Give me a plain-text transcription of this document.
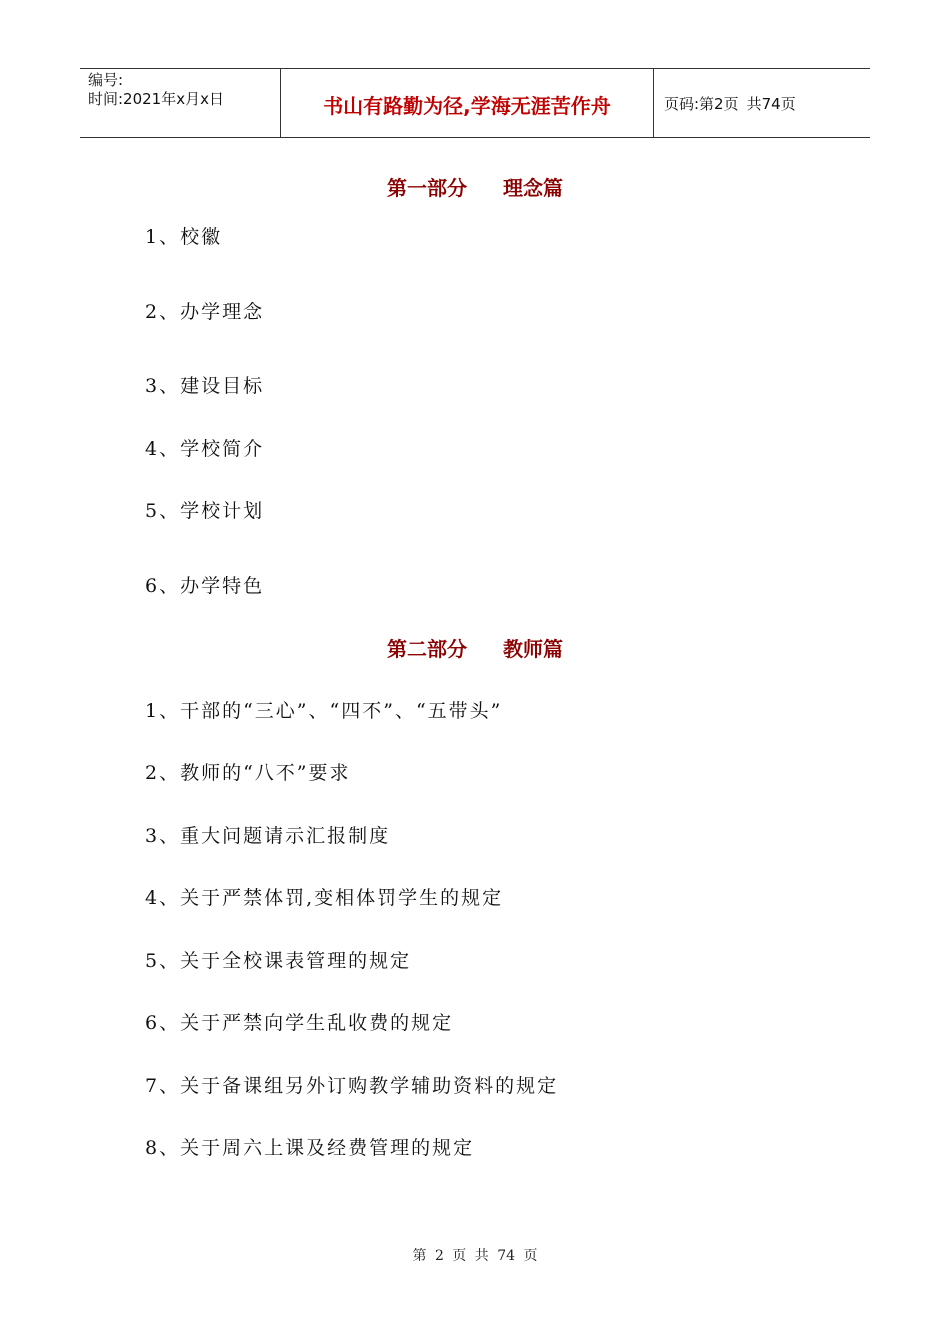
编号:
时间:2021年x月x日	书山有路勤为径,学海无涯苦作舟	页码:第2页 共74页
第一部分 理念篇
1、校徽
2、办学理念
3、建设目标
4、学校简介
5、学校计划
6、办学特色
第二部分 教师篇
1、干部的“三心”、“四不”、“五带头”
2、教师的“八不”要求
3、重大问题请示汇报制度
4、关于严禁体罚,变相体罚学生的规定
5、关于全校课表管理的规定
6、关于严禁向学生乱收费的规定
7、关于备课组另外订购教学辅助资料的规定
8、关于周六上课及经费管理的规定
第 2 页 共 74 页
